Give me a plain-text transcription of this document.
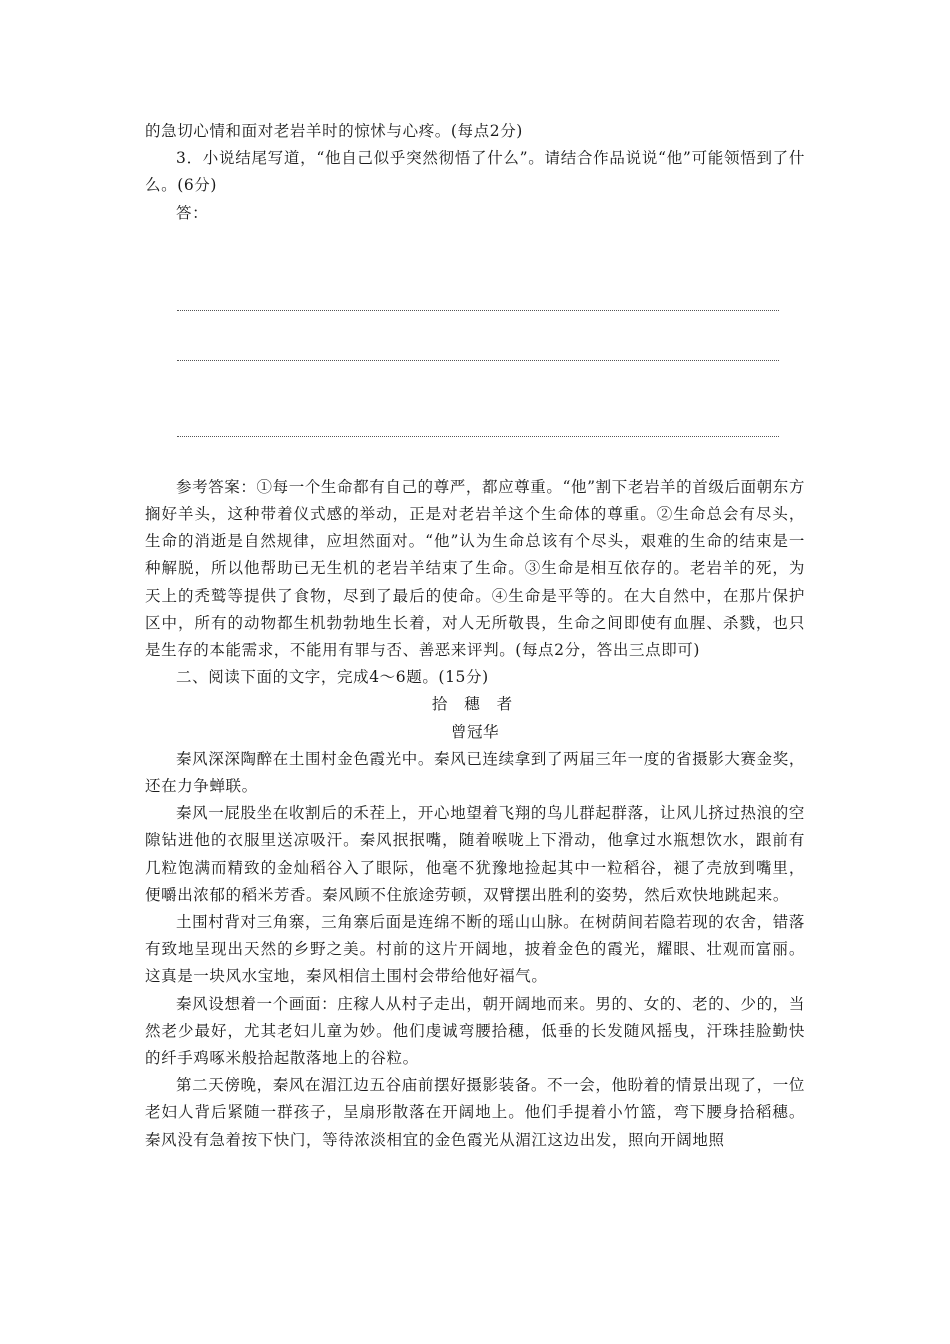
的急切心情和面对老岩羊时的惊怵与心疼。(每点2分)

3．小说结尾写道，“他自己似乎突然彻悟了什么”。请结合作品说说“他”可能领悟到了什么。(6分)

答：

参考答案：①每一个生命都有自己的尊严，都应尊重。“他”割下老岩羊的首级后面朝东方搁好羊头，这种带着仪式感的举动，正是对老岩羊这个生命体的尊重。②生命总会有尽头，生命的消逝是自然规律，应坦然面对。“他”认为生命总该有个尽头，艰难的生命的结束是一种解脱，所以他帮助已无生机的老岩羊结束了生命。③生命是相互依存的。老岩羊的死，为天上的秃鹫等提供了食物，尽到了最后的使命。④生命是平等的。在大自然中，在那片保护区中，所有的动物都生机勃勃地生长着，对人无所敬畏，生命之间即使有血腥、杀戮，也只是生存的本能需求，不能用有罪与否、善恶来评判。(每点2分，答出三点即可)

二、阅读下面的文字，完成4～6题。(15分)

拾 穗 者

曾冠华

秦风深深陶醉在土围村金色霞光中。秦风已连续拿到了两届三年一度的省摄影大赛金奖，还在力争蝉联。

秦风一屁股坐在收割后的禾茬上，开心地望着飞翔的鸟儿群起群落，让风儿挤过热浪的空隙钻进他的衣服里送凉吸汗。秦风抿抿嘴，随着喉咙上下滑动，他拿过水瓶想饮水，跟前有几粒饱满而精致的金灿稻谷入了眼际，他毫不犹豫地捡起其中一粒稻谷，褪了壳放到嘴里，便嚼出浓郁的稻米芳香。秦风顾不住旅途劳顿，双臂摆出胜利的姿势，然后欢快地跳起来。

土围村背对三角寨，三角寨后面是连绵不断的瑶山山脉。在树荫间若隐若现的农舍，错落有致地呈现出天然的乡野之美。村前的这片开阔地，披着金色的霞光，耀眼、壮观而富丽。这真是一块风水宝地，秦风相信土围村会带给他好福气。

秦风设想着一个画面：庄稼人从村子走出，朝开阔地而来。男的、女的、老的、少的，当然老少最好，尤其老妇儿童为妙。他们虔诚弯腰拾穗，低垂的长发随风摇曳，汗珠挂脸勤快的纤手鸡啄米般拾起散落地上的谷粒。

第二天傍晚，秦风在湄江边五谷庙前摆好摄影装备。不一会，他盼着的情景出现了，一位老妇人背后紧随一群孩子，呈扇形散落在开阔地上。他们手提着小竹篮，弯下腰身拾稻穗。秦风没有急着按下快门，等待浓淡相宜的金色霞光从湄江这边出发，照向开阔地照
